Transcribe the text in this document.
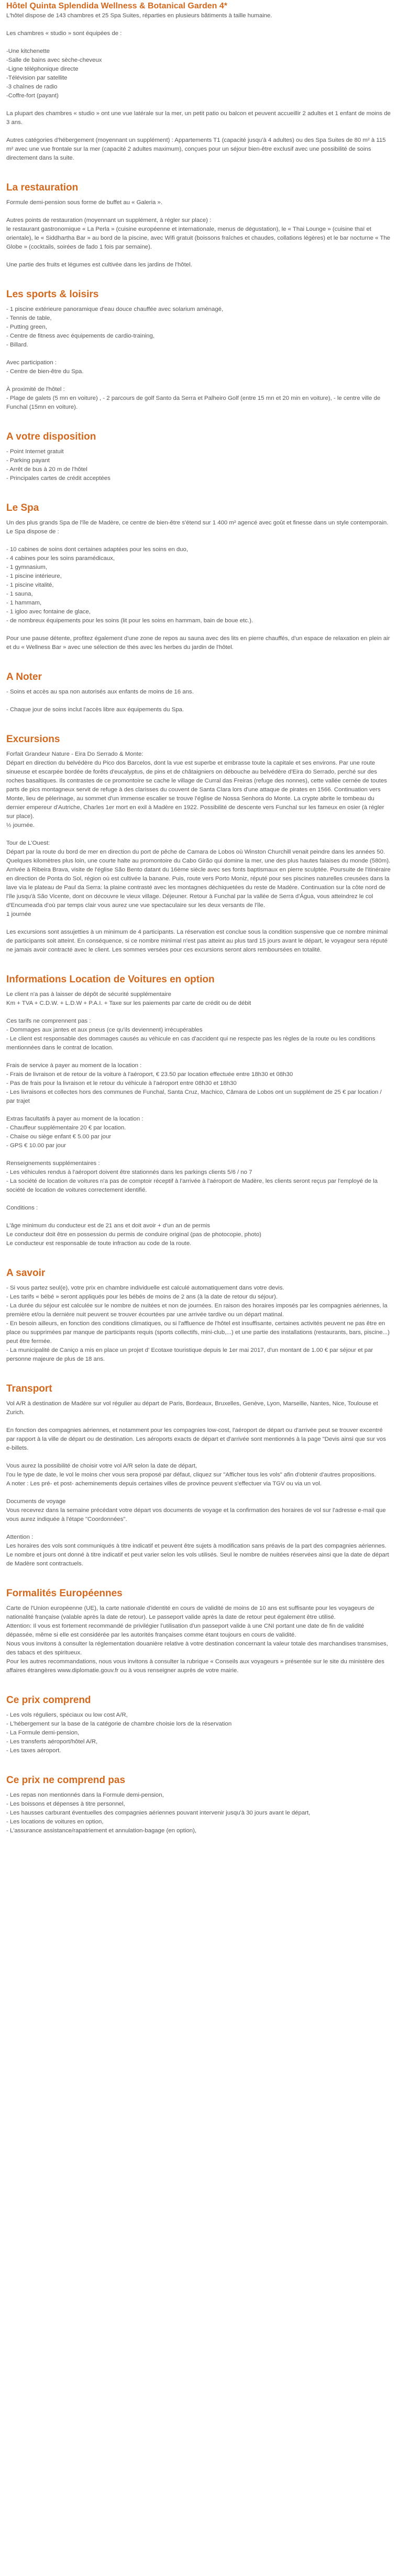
Hôtel Quinta Splendida Wellness & Botanical Garden 4*

L'hôtel dispose de 143 chambres et 25 Spa Suites, réparties en plusieurs bâtiments à taille humaine.

Les chambres « studio » sont équipées de :

-Une kitchenette
-Salle de bains avec sèche-cheveux
-Ligne téléphonique directe
-Télévision par satellite
-3 chaînes de radio
-Coffre-fort (payant)

La plupart des chambres « studio » ont une vue latérale sur la mer, un petit patio ou balcon et peuvent accueillir 2 adultes et 1 enfant de moins de 3 ans.

Autres catégories d'hébergement (moyennant un supplément) : Appartements T1 (capacité jusqu'à 4 adultes) ou des Spa Suites de 80 m² à 115 m² avec une vue frontale sur la mer (capacité 2 adultes maximum), conçues pour un séjour bien-être exclusif avec une possibilité de soins directement dans la suite.

La restauration

Formule demi-pension sous forme de buffet au « Galeria ».

Autres points de restauration (moyennant un supplément, à régler sur place) :

le restaurant gastronomique « La Perla » (cuisine européenne et internationale, menus de dégustation), le « Thai Lounge » (cuisine thaï et orientale), le « Siddhartha Bar » au bord de la piscine, avec Wifi gratuit (boissons fraîches et chaudes, collations légères) et le bar nocturne « The Globe » (cocktails, soirées de fado 1 fois par semaine).

Une partie des fruits et légumes est cultivée dans les jardins de l'hôtel.

Les sports & loisirs
- 1 piscine extérieure panoramique d'eau douce chauffée avec solarium aménagé,
- Tennis de table,
- Putting green,
- Centre de fitness avec équipements de cardio-training,
- Billard.

Avec participation :

- Centre de bien-être du Spa.

À proximité de l'hôtel :

- Plage de galets (5 mn en voiture) , - 2 parcours de golf Santo da Serra et Palheiro Golf (entre 15 mn et 20 min en voiture), - le centre ville de Funchal (15mn en voiture).

A votre disposition
- Point Internet gratuit
- Parking payant
- Arrêt de bus à 20 m de l'hôtel
- Principales cartes de crédit acceptées
Le Spa

Un des plus grands Spa de l'île de Madère, ce centre de bien-être s'étend sur 1 400 m² agencé avec goût et finesse dans un style contemporain. Le Spa dispose de :

- 10 cabines de soins dont certaines adaptées pour les soins en duo,
- 4 cabines pour les soins paramédicaux,
- 1 gymnasium,
- 1 piscine intérieure,
- 1 piscine vitalité,
- 1 sauna,
- 1 hammam,
- 1 igloo avec fontaine de glace,
- de nombreux équipements pour les soins (lit pour les soins en hammam, bain de boue etc.).

Pour une pause détente, profitez également d'une zone de repos au sauna avec des lits en pierre chauffés, d'un espace de relaxation en plein air et du « Wellness Bar » avec une sélection de thés avec les herbes du jardin de l'hôtel.

A Noter

- Soins et accès au spa non autorisés aux enfants de moins de 16 ans.

- Chaque jour de soins inclut l'accès libre aux équipements du Spa.

Excursions

Forfait Grandeur Nature - Eira Do Serrado & Monte:

Départ en direction du belvédère du Pico dos Barcelos, dont la vue est superbe et embrasse toute la capitale et ses environs. Par une route sinueuse et escarpée bordée de forêts d'eucalyptus, de pins et de châtaigniers on débouche au belvédère d'Eira do Serrado, perché sur des roches basaltiques. Ils contrastes de ce promontoire se cache le village de Curral das Freiras (refuge des nonnes), cette vallée cernée de toutes parts de pics montagneux servit de refuge à des clarisses du couvent de Santa Clara lors d'une attaque de pirates en 1566. Continuation vers Monte, lieu de pèlerinage, au sommet d'un immense escalier se trouve l'église de Nossa Senhora do Monte. La crypte abrite le tombeau du dernier empereur d'Autriche, Charles 1er mort en exil à Madère en 1922. Possibilité de descente vers Funchal sur les fameux en osier (à régler sur place).

½ journée.

Tour de L'Ouest:

Départ par la route du bord de mer en direction du port de pêche de Camara de Lobos où Winston Churchill venait peindre dans les années 50. Quelques kilomètres plus loin, une courte halte au promontoire du Cabo Girão qui domine la mer, une des plus hautes falaises du monde (580m). Arrivée à Ribeira Brava, visite de l'église São Bento datant du 16ème siècle avec ses fonts baptismaux en pierre sculptée. Poursuite de l'itinéraire en direction de Ponta do Sol, région où est cultivée la banane. Puis, route vers Porto Moniz, réputé pour ses piscines naturelles creusées dans la lave via le plateau de Paul da Serra: la plaine contrasté avec les montagnes déchiquetées du reste de Madère. Continuation sur la côte nord de l'île jusqu'à São Vicente, dont on découvre le vieux village. Déjeuner. Retour à Funchal par la vallée de Serra d'Água, vous atteindrez le col d'Encumeada d'où par temps clair vous aurez une vue spectaculaire sur les deux versants de l'île.

1 journée

Les excursions sont assujetties à un minimum de 4 participants. La réservation est conclue sous la condition suspensive que ce nombre minimal de participants soit atteint. En conséquence, si ce nombre minimal n'est pas atteint au plus tard 15 jours avant le départ, le voyageur sera réputé ne jamais avoir contracté avec le client. Les sommes versées pour ces excursions seront alors remboursées en totalité.

Informations Location de Voitures en option

Le client n'a pas à laisser de dépôt de sécurité supplémentaire

Km + TVA + C.D.W. + L.D.W + P.A.I. + Taxe sur les paiements par carte de crédit ou de débit

Ces tarifs ne comprennent pas :

- Dommages aux jantes et aux pneus (ce qu'ils deviennent) irrécupérables

- Le client est responsable des dommages causés au véhicule en cas d'accident qui ne respecte pas les règles de la route ou les conditions mentionnées dans le contrat de location.

Frais de service à payer au moment de la location :

- Frais de livraison et de retour de la voiture à l'aéroport, € 23.50 par location effectuée entre 18h30 et 08h30

- Pas de frais pour la livraison et le retour du véhicule à l'aéroport entre 08h30 et 18h30

- Les livraisons et collectes hors des communes de Funchal, Santa Cruz, Machico, Câmara de Lobos ont un supplément de 25 € par location / par trajet

Extras facultatifs à payer au moment de la location :

- Chauffeur supplémentaire 20 € par location.

- Chaise ou siège enfant € 5.00 par jour

- GPS € 10.00 par jour

Renseignements supplémentaires :

- Les véhicules rendus à l'aéroport doivent être stationnés dans les parkings clients 5/6 / no 7

- La société de location de voitures n'a pas de comptoir réceptif à l'arrivée à l'aéroport de Madère, les clients seront reçus par l'employé de la société de location de voitures correctement identifié.

Conditions :

L'âge minimum du conducteur est de 21 ans et doit avoir + d'un an de permis

Le conducteur doit être en possession du permis de conduire original (pas de photocopie, photo)

Le conducteur est responsable de toute infraction au code de la route.

A savoir

- Si vous partez seul(e), votre prix en chambre individuelle est calculé automatiquement dans votre devis.

- Les tarifs « bébé » seront appliqués pour les bébés de moins de 2 ans (à la date de retour du séjour).

- La durée du séjour est calculée sur le nombre de nuitées et non de journées. En raison des horaires imposés par les compagnies aériennes, la première et/ou la dernière nuit peuvent se trouver écourtées par une arrivée tardive ou un départ matinal.

- En besoin ailleurs, en fonction des conditions climatiques, ou si l'affluence de l'hôtel est insuffisante, certaines activités peuvent ne pas être en place ou supprimées par manque de participants requis (sports collectifs, mini-club,...) et une partie des installations (restaurants, bars, piscine...) peut être fermée.

- La municipalité de Caniço a mis en place un projet d' Ecotaxe touristique depuis le 1er mai 2017, d'un montant de 1.00 € par séjour et par personne majeure de plus de 18 ans.

Transport

Vol A/R à destination de Madère sur vol régulier au départ de Paris, Bordeaux, Bruxelles, Genève, Lyon, Marseille, Nantes, Nice, Toulouse et Zurich.

En fonction des compagnies aériennes, et notamment pour les compagnies low-cost, l'aéroport de départ ou d'arrivée peut se trouver excentré par rapport à la ville de départ ou de destination. Les aéroports exacts de départ et d'arrivée sont mentionnés à la page "Devis ainsi que sur vos e-billets.

Vous aurez la possibilité de choisir votre vol A/R selon la date de départ,

l'ou le type de date, le vol le moins cher vous sera proposé par défaut, cliquez sur "Afficher tous les vols" afin d'obtenir d'autres propositions.

A noter : Les pré- et post- acheminements depuis certaines villes de province peuvent s'effectuer via TGV ou via un vol.

Documents de voyage

Vous recevrez dans la semaine précédant votre départ vos documents de voyage et la confirmation des horaires de vol sur l'adresse e-mail que vous aurez indiquée à l'étape "Coordonnées".

Attention :

Les horaires des vols sont communiqués à titre indicatif et peuvent être sujets à modification sans préavis de la part des compagnies aériennes. Le nombre et jours ont donné à titre indicatif et peut varier selon les vols utilisés. Seul le nombre de nuitées réservées ainsi que la date de départ de Madère sont contractuels.

Formalités Européennes

Carte de l'Union européenne (UE), la carte nationale d'identité en cours de validité de moins de 10 ans est suffisante pour les voyageurs de nationalité française (valable après la date de retour). Le passeport valide après la date de retour peut également être utilisé.

Attention: Il vous est fortement recommandé de privilégier l'utilisation d'un passeport valide à une CNI portant une date de fin de validité dépassée, même si elle est considérée par les autorités françaises comme étant toujours en cours de validité.

Nous vous invitons à consulter la réglementation douanière relative à votre destination concernant la valeur totale des marchandises transmises, des tabacs et des spiritueux.

Pour les autres recommandations, nous vous invitons à consulter la rubrique « Conseils aux voyageurs » présentée sur le site du ministère des affaires étrangères www.diplomatie.gouv.fr ou à vous renseigner auprès de votre mairie.

Ce prix comprend
- Les vols réguliers, spéciaux ou low cost A/R,
- L'hébergement sur la base de la catégorie de chambre choisie lors de la réservation
- La Formule demi-pension,
- Les transferts aéroport/hôtel A/R,
- Les taxes aéroport.
Ce prix ne comprend pas
- Les repas non mentionnés dans la Formule demi-pension,
- Les boissons et dépenses à titre personnel,
- Les hausses carburant éventuelles des compagnies aériennes pouvant intervenir jusqu'à 30 jours avant le départ,
- Les locations de voitures en option,
- L'assurance assistance/rapatriement et annulation-bagage (en option),
